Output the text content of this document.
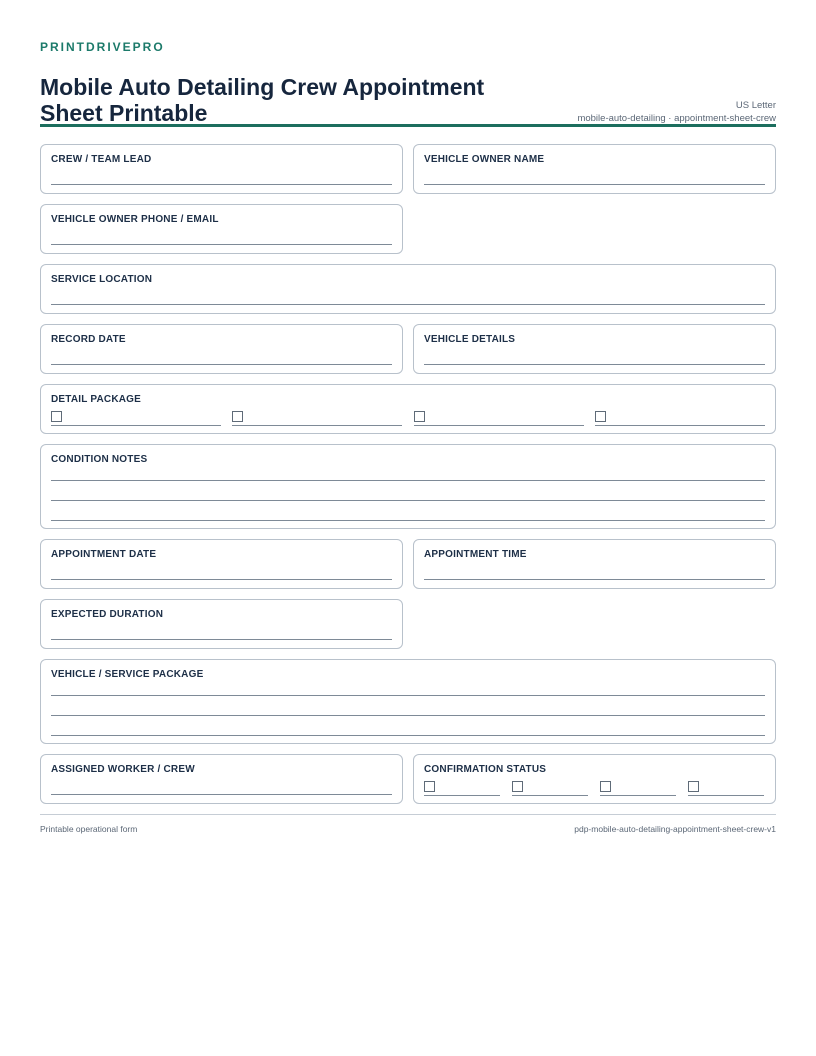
PRINTDRIVEPRO
Mobile Auto Detailing Crew Appointment Sheet Printable	US Letter
mobile-auto-detailing · appointment-sheet-crew
CREW / TEAM LEAD	VEHICLE OWNER NAME
VEHICLE OWNER PHONE / EMAIL
SERVICE LOCATION
RECORD DATE	VEHICLE DETAILS
DETAIL PACKAGE
CONDITION NOTES
APPOINTMENT DATE	APPOINTMENT TIME
EXPECTED DURATION
VEHICLE / SERVICE PACKAGE
ASSIGNED WORKER / CREW	CONFIRMATION STATUS
Printable operational form	pdp-mobile-auto-detailing-appointment-sheet-crew-v1
